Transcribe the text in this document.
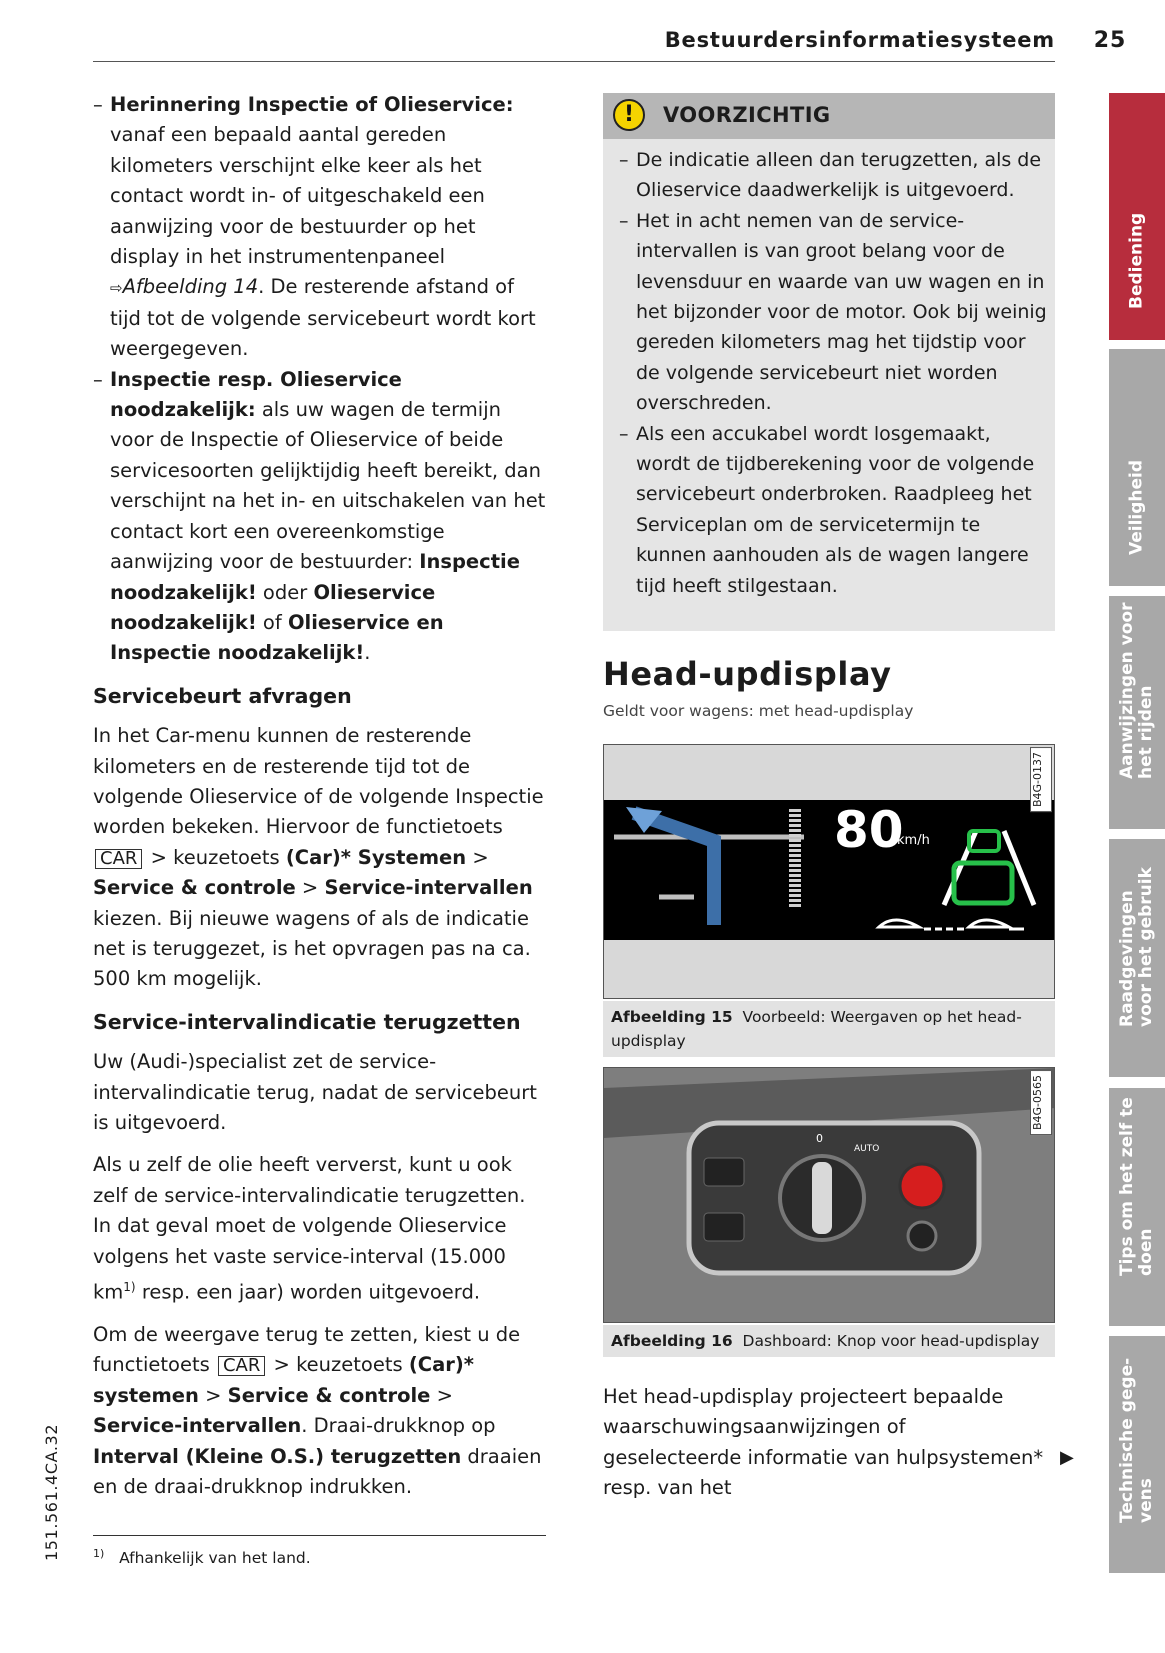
Bestuurdersinformatiesysteem	25

– Herinnering Inspectie of Olieservice: vanaf een bepaald aantal gereden kilometers verschijnt elke keer als het contact wordt in- of uitgeschakeld een aanwijzing voor de bestuurder op het display in het instrumentenpaneel ⇨Afbeelding 14. De resterende afstand of tijd tot de volgende servicebeurt wordt kort weergegeven.

– Inspectie resp. Olieservice noodzakelijk: als uw wagen de termijn voor de Inspectie of Olieservice of beide servicesoorten gelijktijdig heeft bereikt, dan verschijnt na het in- en uitschakelen van het contact kort een overeenkomstige aanwijzing voor de bestuurder: Inspectie noodzakelijk! oder Olieservice noodzakelijk! of Olieservice en Inspectie noodzakelijk!.

Servicebeurt afvragen

In het Car-menu kunnen de resterende kilometers en de resterende tijd tot de volgende Olieservice of de volgende Inspectie worden bekeken. Hiervoor de functietoets CAR > keuzetoets (Car)* Systemen > Service & controle > Service-intervallen kiezen. Bij nieuwe wagens of als de indicatie net is teruggezet, is het opvragen pas na ca. 500 km mogelijk.

Service-intervalindicatie terugzetten

Uw (Audi-)specialist zet de service-intervalindicatie terug, nadat de servicebeurt is uitgevoerd.

Als u zelf de olie heeft ververst, kunt u ook zelf de service-intervalindicatie terugzetten. In dat geval moet de volgende Olieservice volgens het vaste service-interval (15.000 $km^{1)}$ resp. een jaar) worden uitgevoerd.

Om de weergave terug te zetten, kiest u de functietoets CAR > keuzetoets (Car)* systemen > Service & controle > Service-intervallen. Draai-drukknop op Interval (Kleine O.S.) terugzetten draaien en de draai-drukknop indrukken.

!	VOORZICHTIG

– De indicatie alleen dan terugzetten, als de Olieservice daadwerkelijk is uitgevoerd.

– Het in acht nemen van de service-intervallen is van groot belang voor de levensduur en waarde van uw wagen en in het bijzonder voor de motor. Ook bij weinig gereden kilometers mag het tijdstip voor de volgende servicebeurt niet worden overschreden.

– Als een accukabel wordt losgemaakt, wordt de tijdberekening voor de volgende servicebeurt onderbroken. Raadpleeg het Serviceplan om de servicetermijn te kunnen aanhouden als de wagen langere tijd heeft stilgestaan.

Head-updisplay
Geldt voor wagens: met head-updisplay
80
km/h
B4G-0137
Afbeelding 15 Voorbeeld: Weergaven op het head-updisplay
0
AUTO
B4G-0565
Afbeelding 16 Dashboard: Knop voor head-updisplay
Het head-updisplay projecteert bepaalde waarschuwingsaanwijzingen of geselecteerde informatie van hulpsystemen* resp. van het
▶
Bediening
Veiligheid
Aanwijzingen voor het rijden
Raadgevingen voor het gebruik
Tips om het zelf te doen
Technische gege- vens
151.561.4CA.32	$^{1)}$ Afhankelijk van het land.
